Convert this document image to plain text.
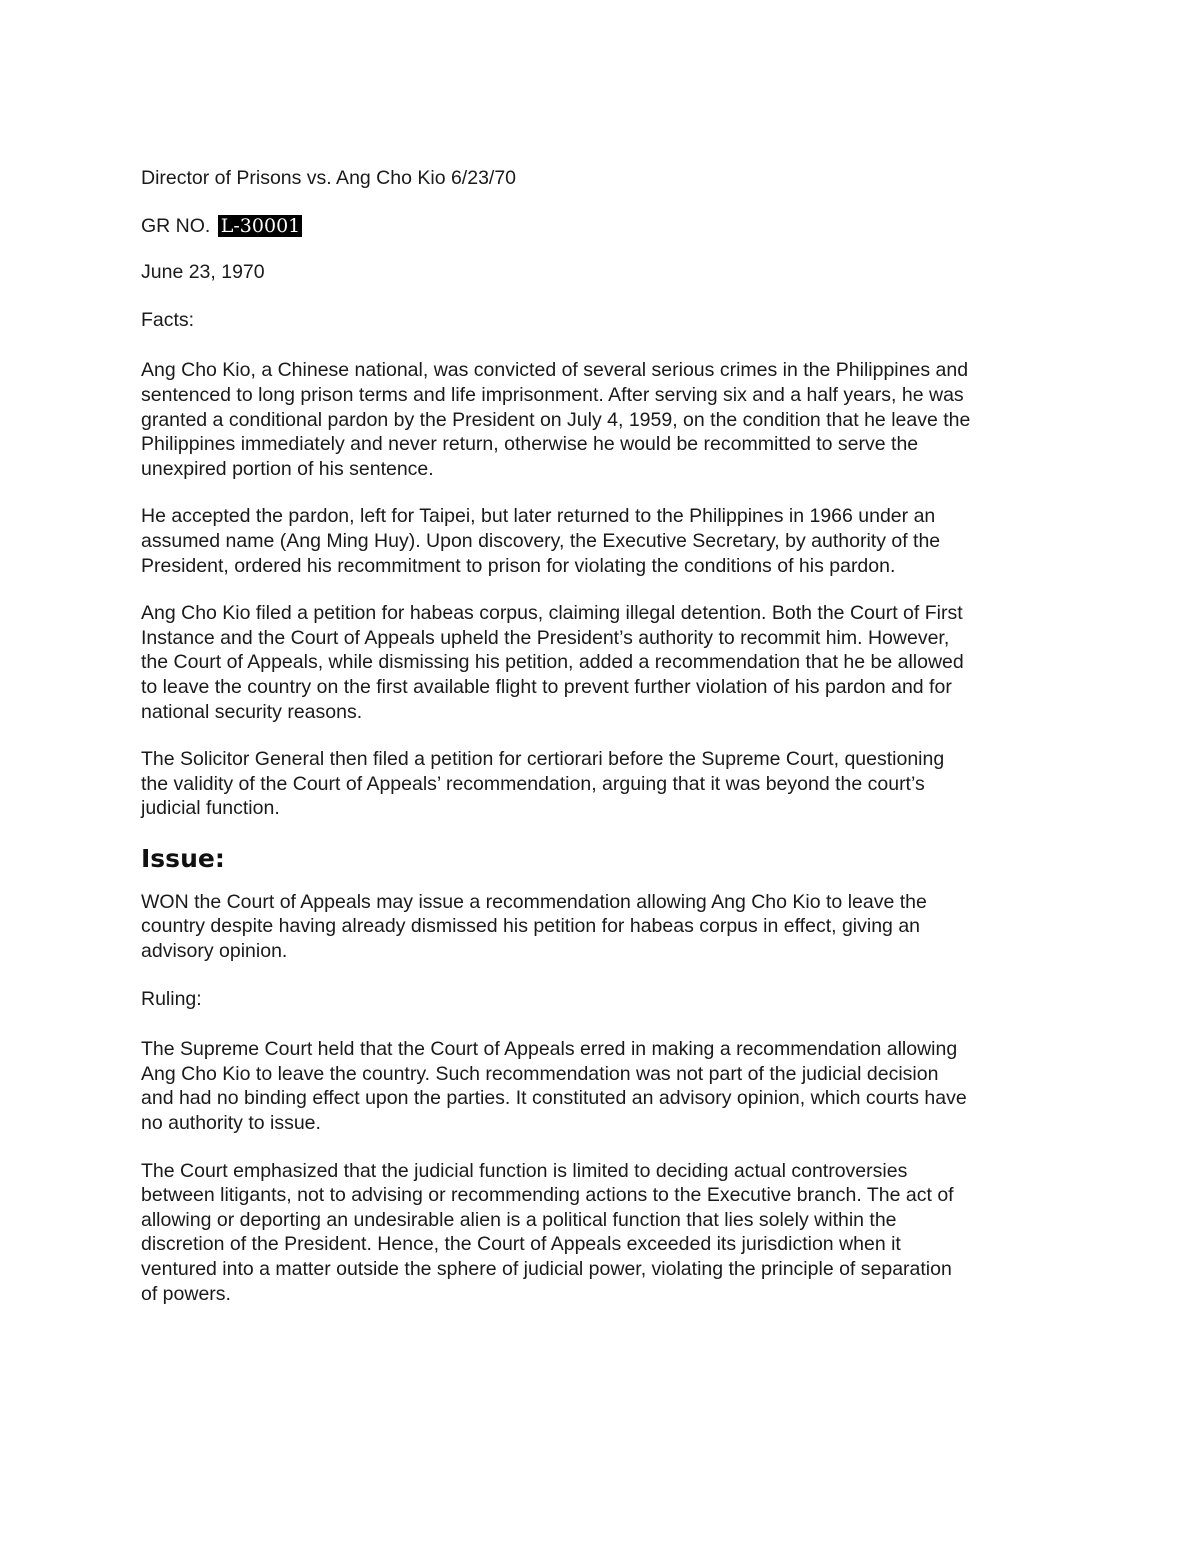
Director of Prisons vs. Ang Cho Kio 6/23/70
GR NO. L-30001
June 23, 1970
Facts:
Ang Cho Kio, a Chinese national, was convicted of several serious crimes in the Philippines and
sentenced to long prison terms and life imprisonment. After serving six and a half years, he was
granted a conditional pardon by the President on July 4, 1959, on the condition that he leave the
Philippines immediately and never return, otherwise he would be recommitted to serve the
unexpired portion of his sentence.
He accepted the pardon, left for Taipei, but later returned to the Philippines in 1966 under an
assumed name (Ang Ming Huy). Upon discovery, the Executive Secretary, by authority of the
President, ordered his recommitment to prison for violating the conditions of his pardon.
Ang Cho Kio filed a petition for habeas corpus, claiming illegal detention. Both the Court of First
Instance and the Court of Appeals upheld the President’s authority to recommit him. However,
the Court of Appeals, while dismissing his petition, added a recommendation that he be allowed
to leave the country on the first available flight to prevent further violation of his pardon and for
national security reasons.
The Solicitor General then filed a petition for certiorari before the Supreme Court, questioning
the validity of the Court of Appeals’ recommendation, arguing that it was beyond the court’s
judicial function.
Issue:
WON the Court of Appeals may issue a recommendation allowing Ang Cho Kio to leave the
country despite having already dismissed his petition for habeas corpus in effect, giving an
advisory opinion.
Ruling:
The Supreme Court held that the Court of Appeals erred in making a recommendation allowing
Ang Cho Kio to leave the country. Such recommendation was not part of the judicial decision
and had no binding effect upon the parties. It constituted an advisory opinion, which courts have
no authority to issue.
The Court emphasized that the judicial function is limited to deciding actual controversies
between litigants, not to advising or recommending actions to the Executive branch. The act of
allowing or deporting an undesirable alien is a political function that lies solely within the
discretion of the President. Hence, the Court of Appeals exceeded its jurisdiction when it
ventured into a matter outside the sphere of judicial power, violating the principle of separation
of powers.
